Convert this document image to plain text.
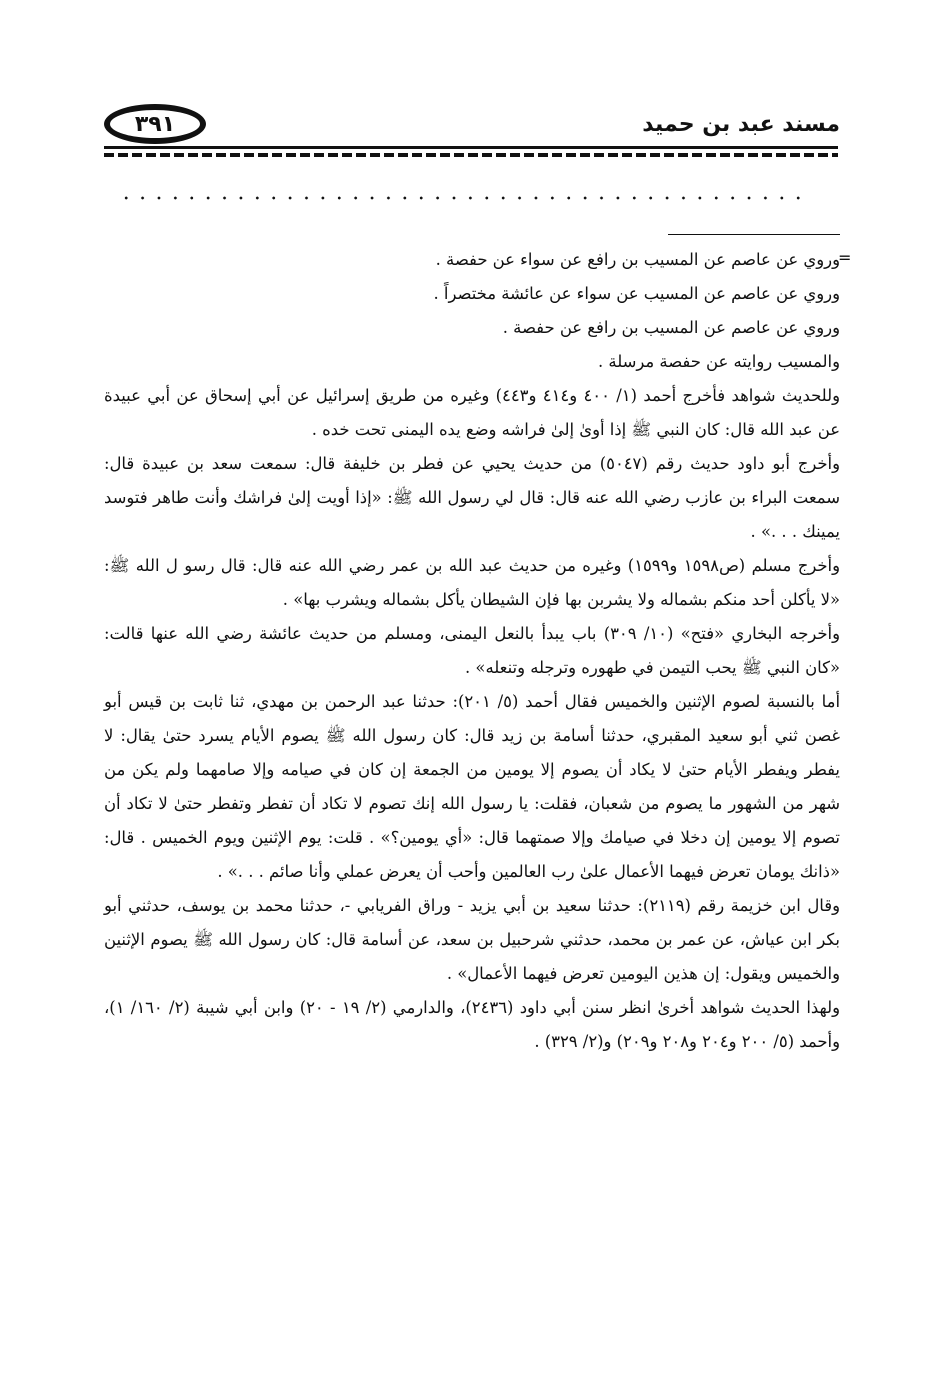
٣٩١	مسند عبد بن حميد
=

وروي عن عاصم عن المسيب بن رافع عن سواء عن حفصة .

وروي عن عاصم عن المسيب عن سواء عن عائشة مختصراً .

وروي عن عاصم عن المسيب بن رافع عن حفصة .

والمسيب روايته عن حفصة مرسلة .

وللحديث شواهد فأخرج أحمد (١/ ٤٠٠ و٤١٤ و٤٤٣) وغيره من طريق إسرائيل عن أبي إسحاق عن أبي عبيدة عن عبد الله قال: كان النبي ﷺ إذا أوىٰ إلىٰ فراشه وضع يده اليمنى تحت خده .

وأخرج أبو داود حديث رقم (٥٠٤٧) من حديث يحيي عن فطر بن خليفة قال: سمعت سعد بن عبيدة قال: سمعت البراء بن عازب رضي الله عنه قال: قال لي رسول الله ﷺ: «إذا أويت إلىٰ فراشك وأنت طاهر فتوسد يمينك . . .» .

وأخرج مسلم (ص١٥٩٨ و١٥٩٩) وغيره من حديث عبد الله بن عمر رضي الله عنه قال: قال رسو ل الله ﷺ: «لا يأكلن أحد منكم بشماله ولا يشربن بها فإن الشيطان يأكل بشماله ويشرب بها» .

وأخرجه البخاري «فتح» (١٠/ ٣٠٩) باب يبدأ بالنعل اليمنى، ومسلم من حديث عائشة رضي الله عنها قالت: «كان النبي ﷺ يحب التيمن في طهوره وترجله وتنعله» .

أما بالنسبة لصوم الإثنين والخميس فقال أحمد (٥/ ٢٠١): حدثنا عبد الرحمن بن مهدي، ثنا ثابت بن قيس أبو غصن ثني أبو سعيد المقبري، حدثنا أسامة بن زيد قال: كان رسول الله ﷺ يصوم الأيام يسرد حتىٰ يقال: لا يفطر ويفطر الأيام حتىٰ لا يكاد أن يصوم إلا يومين من الجمعة إن كان في صيامه وإلا صامهما ولم يكن من شهر من الشهور ما يصوم من شعبان، فقلت: يا رسول الله إنك تصوم لا تكاد أن تفطر وتفطر حتىٰ لا تكاد أن تصوم إلا يومين إن دخلا في صيامك وإلا صمتهما قال: «أي يومين؟» . قلت: يوم الإثنين ويوم الخميس . قال: «ذانك يومان تعرض فيهما الأعمال علىٰ رب العالمين وأحب أن يعرض عملي وأنا صائم . . .» .

وقال ابن خزيمة رقم (٢١١٩): حدثنا سعيد بن أبي يزيد - وراق الفريابي -، حدثنا محمد بن يوسف، حدثني أبو بكر ابن عياش، عن عمر بن محمد، حدثني شرحبيل بن سعد، عن أسامة قال: كان رسول الله ﷺ يصوم الإثنين والخميس ويقول: إن هذين اليومين تعرض فيهما الأعمال» .

ولهذا الحديث شواهد أخرىٰ انظر سنن أبي داود (٢٤٣٦)، والدارمي (٢/ ١٩ - ٢٠) وابن أبي شيبة (٢/ ١٦٠/ ١)، وأحمد (٥/ ٢٠٠ و٢٠٤ و٢٠٨ و٢٠٩) و(٢/ ٣٢٩) .
